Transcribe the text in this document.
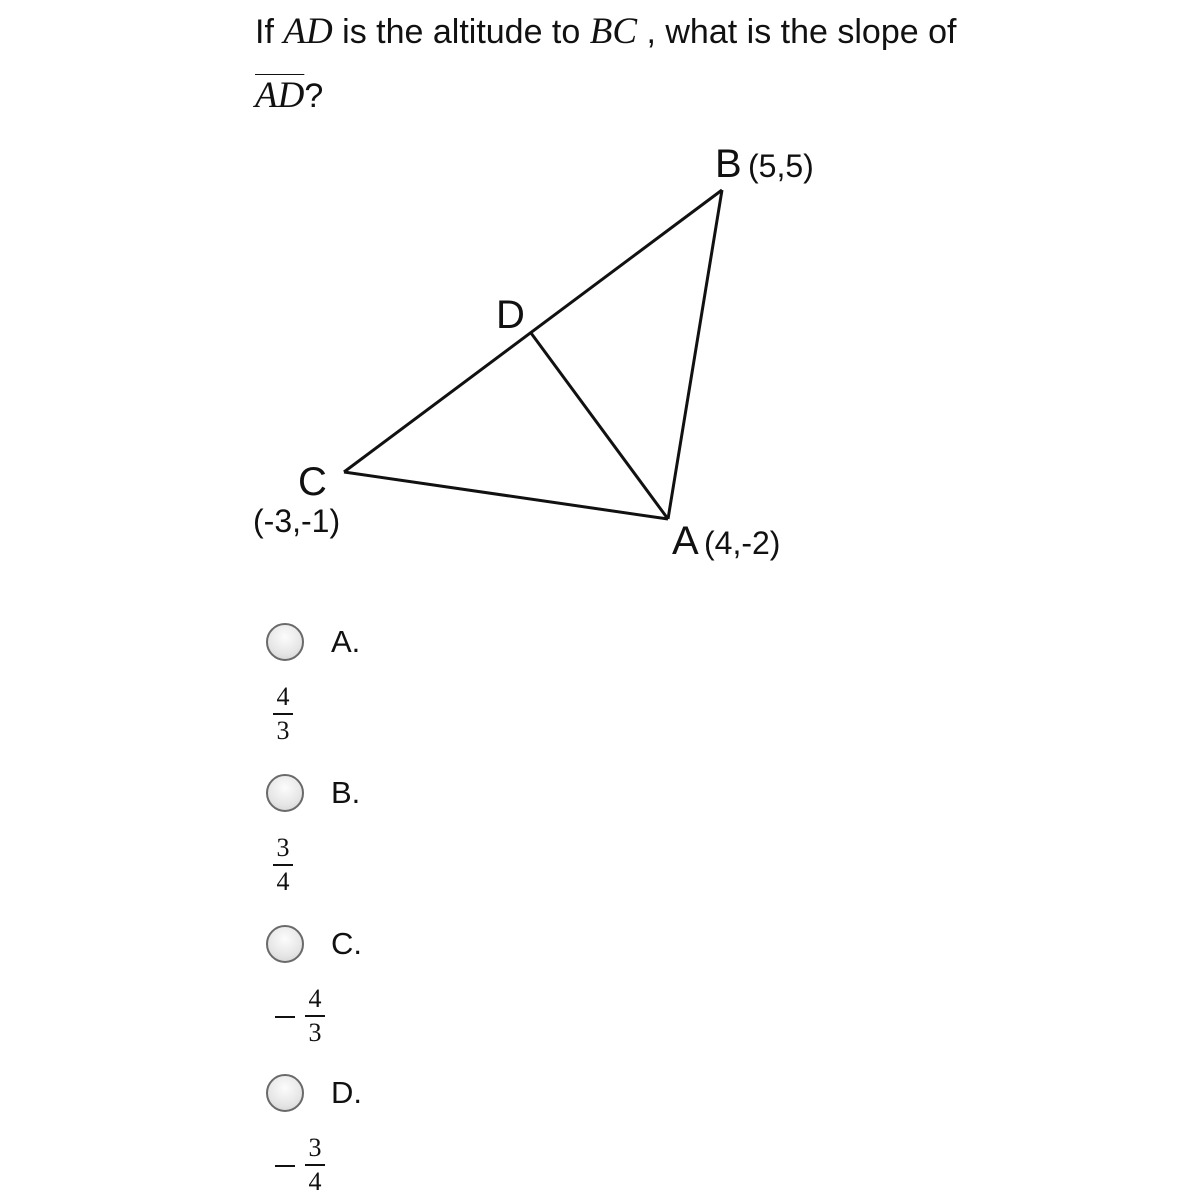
If AD is the altitude to BC , what is the slope of
$\overline{AD}$?
B (5,5)
D
C
(-3,-1)	A (4,-2)
A.
$\frac{4}{3}$
B.
$\frac{3}{4}$
C.
$\frac{4}{3}$
D.
$\frac{3}{4}$
